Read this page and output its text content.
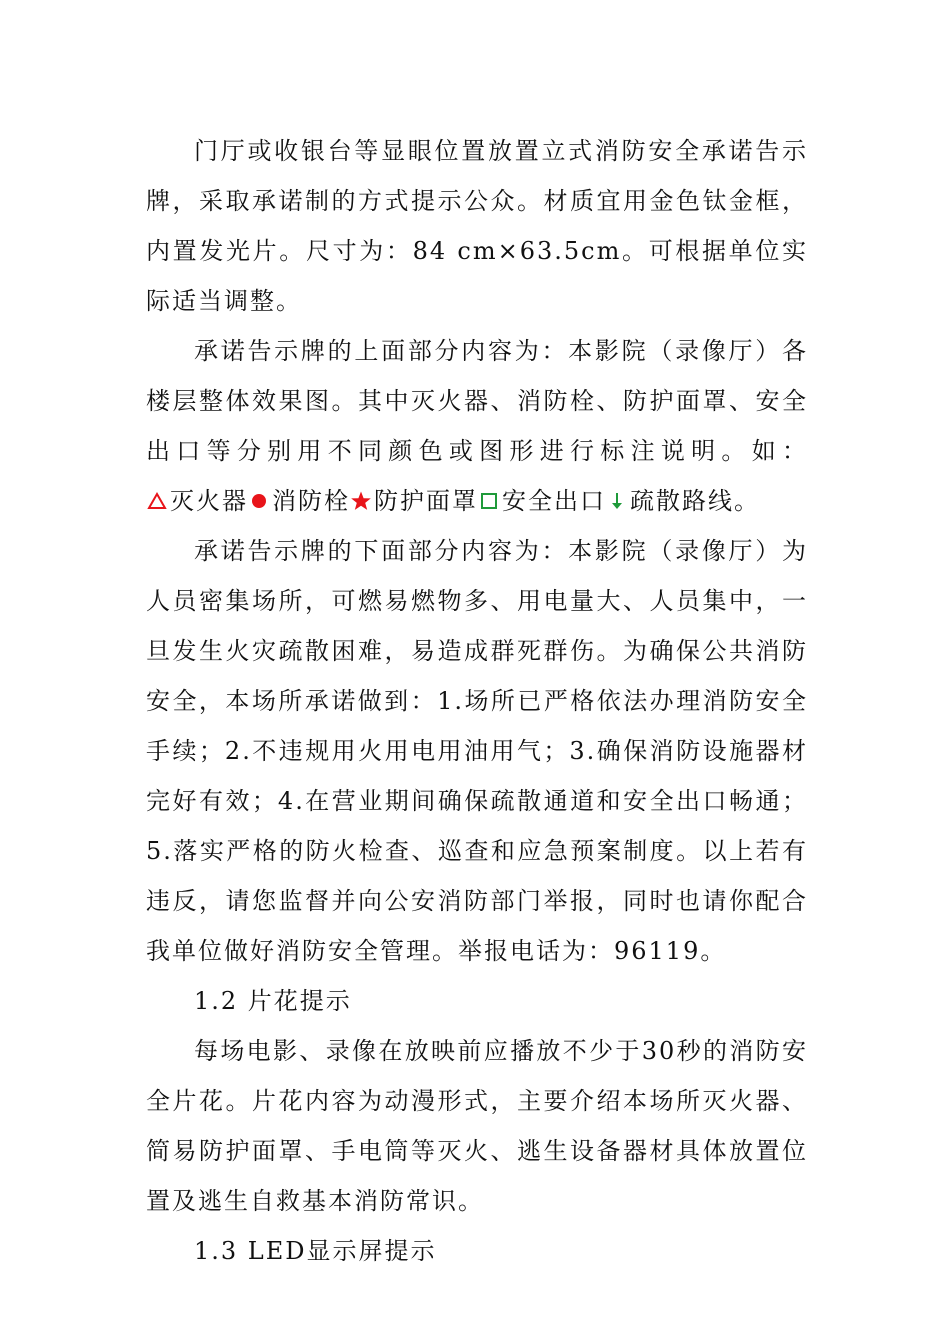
门厅或收银台等显眼位置放置立式消防安全承诺告示牌，采取承诺制的方式提示公众。材质宜用金色钛金框，内置发光片。尺寸为：84 cm×63.5cm。可根据单位实际适当调整。

承诺告示牌的上面部分内容为：本影院（录像厅）各楼层整体效果图。其中灭火器、消防栓、防护面罩、安全出口等分别用不同颜色或图形进行标注说明。如：灭火器 消防栓 防护面罩 安全出口 疏散路线。

承诺告示牌的下面部分内容为：本影院（录像厅）为人员密集场所，可燃易燃物多、用电量大、人员集中，一旦发生火灾疏散困难，易造成群死群伤。为确保公共消防安全，本场所承诺做到：1.场所已严格依法办理消防安全手续；2.不违规用火用电用油用气；3.确保消防设施器材完好有效；4.在营业期间确保疏散通道和安全出口畅通；5.落实严格的防火检查、巡查和应急预案制度。以上若有违反，请您监督并向公安消防部门举报，同时也请你配合我单位做好消防安全管理。举报电话为：96119。

1.2 片花提示

每场电影、录像在放映前应播放不少于30秒的消防安全片花。片花内容为动漫形式，主要介绍本场所灭火器、简易防护面罩、手电筒等灭火、逃生设备器材具体放置位置及逃生自救基本消防常识。

1.3 LED显示屏提示
